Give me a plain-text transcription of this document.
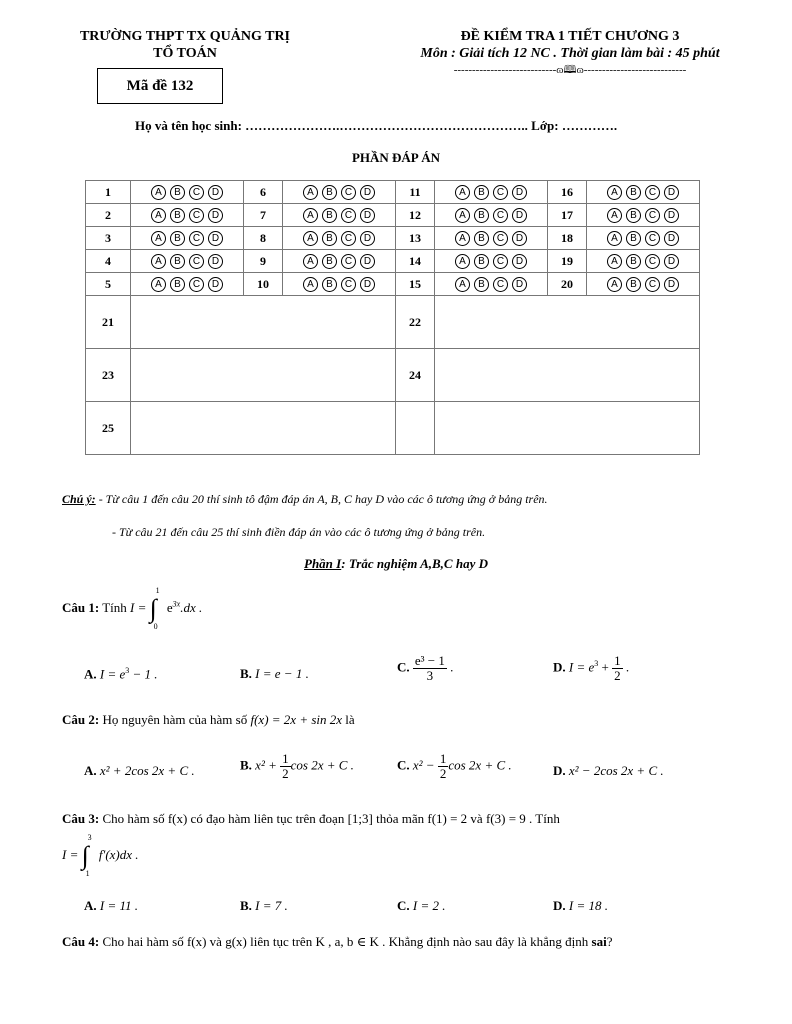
TRƯỜNG THPT TX QUẢNG TRỊ
TỔ TOÁN
ĐỀ KIỂM TRA 1 TIẾT CHƯƠNG 3
Môn : Giải tích 12 NC . Thời gian làm bài : 45 phút
----------------------------ɷ🕮ɷ----------------------------
Mã đề 132
Họ và tên học sinh: ………………….…………………………………….. Lớp: ………….
PHẦN ĐÁP ÁN
1	A B C D	6	A B C D	11	A B C D	16	A B C D
2	A B C D	7	A B C D	12	A B C D	17	A B C D
3	A B C D	8	A B C D	13	A B C D	18	A B C D
4	A B C D	9	A B C D	14	A B C D	19	A B C D
5	A B C D	10	A B C D	15	A B C D	20	A B C D
21				22			
23				24			
25							
Chú ý: - Từ câu 1 đến câu 20 thí sinh tô đậm đáp án A, B, C hay D vào các ô tương ứng ở bảng trên.
- Từ câu 21 đến câu 25 thí sinh điền đáp án vào các ô tương ứng ở bảng trên.
Phần I: Trắc nghiệm A,B,C hay D
Câu 1: Tính I = ∫
1
0
$e^{3x}.dx$ .
A. $I = e^3 - 1$ .	B. I = e − 1 .	C. $\frac{\text{e³ − 1}}{3}$ .	D. $I = e^3 + \frac{1}{2}$ .
Câu 2: Họ nguyên hàm của hàm số f(x) = 2x + sin 2x là
A. x² + 2cos 2x + C .	B. $x^2 + \frac{1}{2}$ cos 2x + C .	C. $x^2 - \frac{1}{2}$ cos 2x + C .	D. x² − 2cos 2x + C .
Câu 3: Cho hàm số f(x) có đạo hàm liên tục trên đoạn [1;3] thỏa mãn f(1) = 2 và f(3) = 9 . Tính
I = ∫
3
1
f′(x)dx .
A. I = 11 .	B. I = 7 .	C. I = 2 .	D. I = 18 .
Câu 4: Cho hai hàm số f(x) và g(x) liên tục trên K , a, b ∈ K . Khẳng định nào sau đây là khẳng định sai?
